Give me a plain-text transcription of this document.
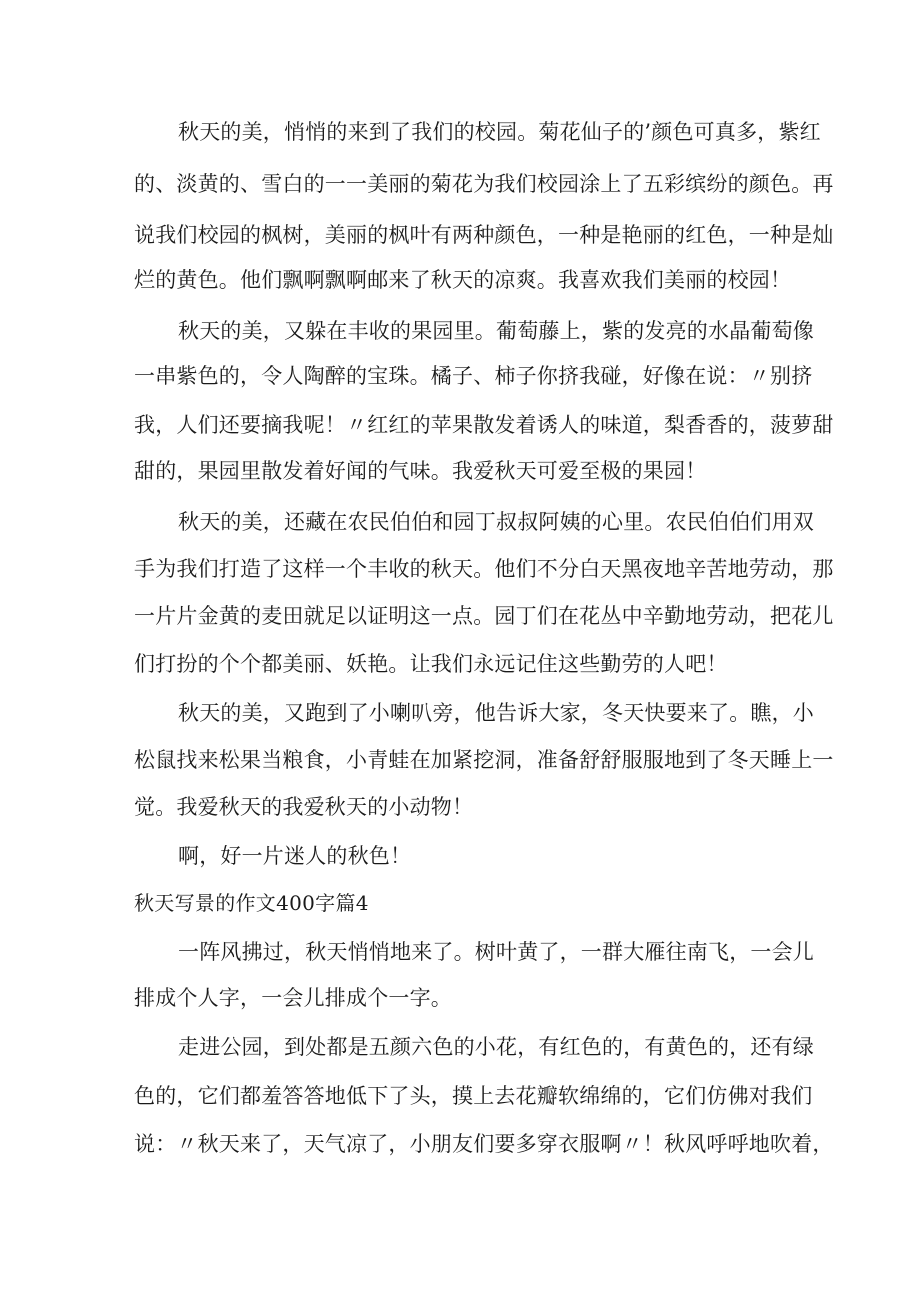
秋天的美，悄悄的来到了我们的校园。菊花仙子的’颜色可真多，紫红
的、淡黄的、雪白的一一美丽的菊花为我们校园涂上了五彩缤纷的颜色。再
说我们校园的枫树，美丽的枫叶有两种颜色，一种是艳丽的红色，一种是灿
烂的黄色。他们飘啊飘啊邮来了秋天的凉爽。我喜欢我们美丽的校园！
秋天的美，又躲在丰收的果园里。葡萄藤上，紫的发亮的水晶葡萄像
一串紫色的，令人陶醉的宝珠。橘子、柿子你挤我碰，好像在说：〃别挤
我，人们还要摘我呢！〃红红的苹果散发着诱人的味道，梨香香的，菠萝甜
甜的，果园里散发着好闻的气味。我爱秋天可爱至极的果园！
秋天的美，还藏在农民伯伯和园丁叔叔阿姨的心里。农民伯伯们用双
手为我们打造了这样一个丰收的秋天。他们不分白天黑夜地辛苦地劳动，那
一片片金黄的麦田就足以证明这一点。园丁们在花丛中辛勤地劳动，把花儿
们打扮的个个都美丽、妖艳。让我们永远记住这些勤劳的人吧！
秋天的美，又跑到了小喇叭旁，他告诉大家，冬天快要来了。瞧，小
松鼠找来松果当粮食，小青蛙在加紧挖洞，准备舒舒服服地到了冬天睡上一
觉。我爱秋天的我爱秋天的小动物！
啊，好一片迷人的秋色！
秋天写景的作文400字篇4
一阵风拂过，秋天悄悄地来了。树叶黄了，一群大雁往南飞，一会儿
排成个人字，一会儿排成个一字。
走进公园，到处都是五颜六色的小花，有红色的，有黄色的，还有绿
色的，它们都羞答答地低下了头，摸上去花瓣软绵绵的，它们仿佛对我们
说：〃秋天来了，天气凉了，小朋友们要多穿衣服啊〃！秋风呼呼地吹着，
